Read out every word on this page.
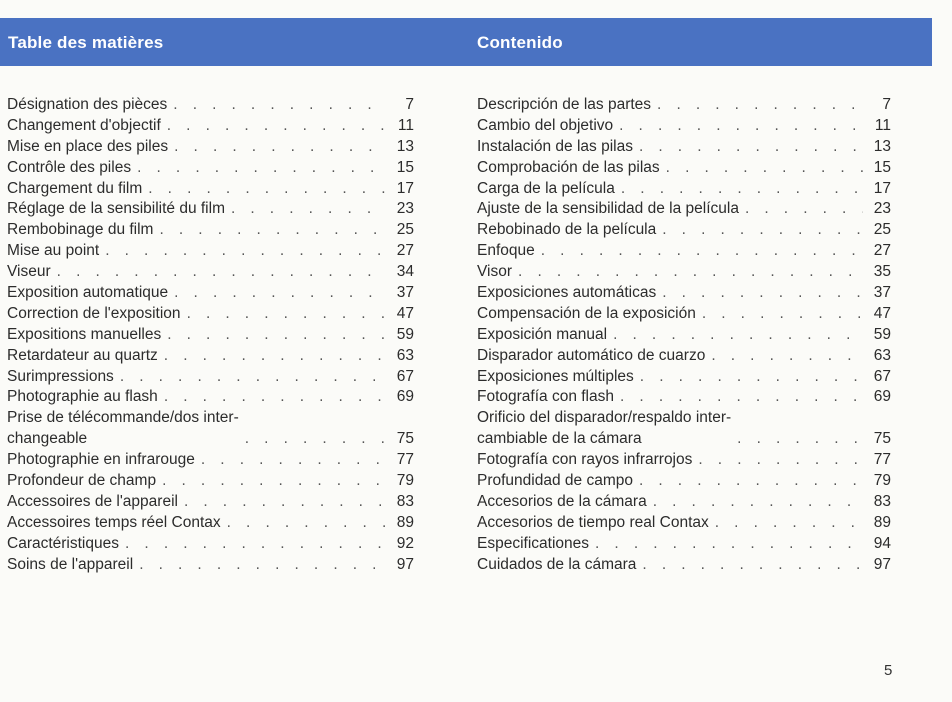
Table des matières	Contenido
Désignation des pièces . . .	7
Changement d'objectif . . .	11
Mise en place des piles . . .	13
Contrôle des piles . . .	15
Chargement du film . . .	17
Réglage de la sensibilité du film . . .	23
Rembobinage du film . . .	25
Mise au point . . .	27
Viseur . . .	34
Exposition automatique . . .	37
Correction de l'exposition . . .	47
Expositions manuelles . . .	59
Retardateur au quartz . . .	63
Surimpressions . . .	67
Photographie au flash . . .	69
Prise de télécommande/dos inter-
changeable . . .	75
Photographie en infrarouge . . .	77
Profondeur de champ . . .	79
Accessoires de l'appareil . . .	83
Accessoires temps réel Contax . . .	89
Caractéristiques . . .	92
Soins de l'appareil . . .	97
Descripción de las partes . . .	7
Cambio del objetivo . . .	11
Instalación de las pilas . . .	13
Comprobación de las pilas . . .	15
Carga de la película . . .	17
Ajuste de la sensibilidad de la película . . .	23
Rebobinado de la película . . .	25
Enfoque . . .	27
Visor . . .	35
Exposiciones automáticas . . .	37
Compensación de la exposición . . .	47
Exposición manual . . .	59
Disparador automático de cuarzo . . .	63
Exposiciones múltiples . . .	67
Fotografía con flash . . .	69
Orificio del disparador/respaldo inter-
cambiable de la cámara . . .	75
Fotografía con rayos infrarrojos . . .	77
Profundidad de campo . . .	79
Accesorios de la cámara . . .	83
Accesorios de tiempo real Contax . . .	89
Especificationes . . .	94
Cuidados de la cámara . . .	97
5
